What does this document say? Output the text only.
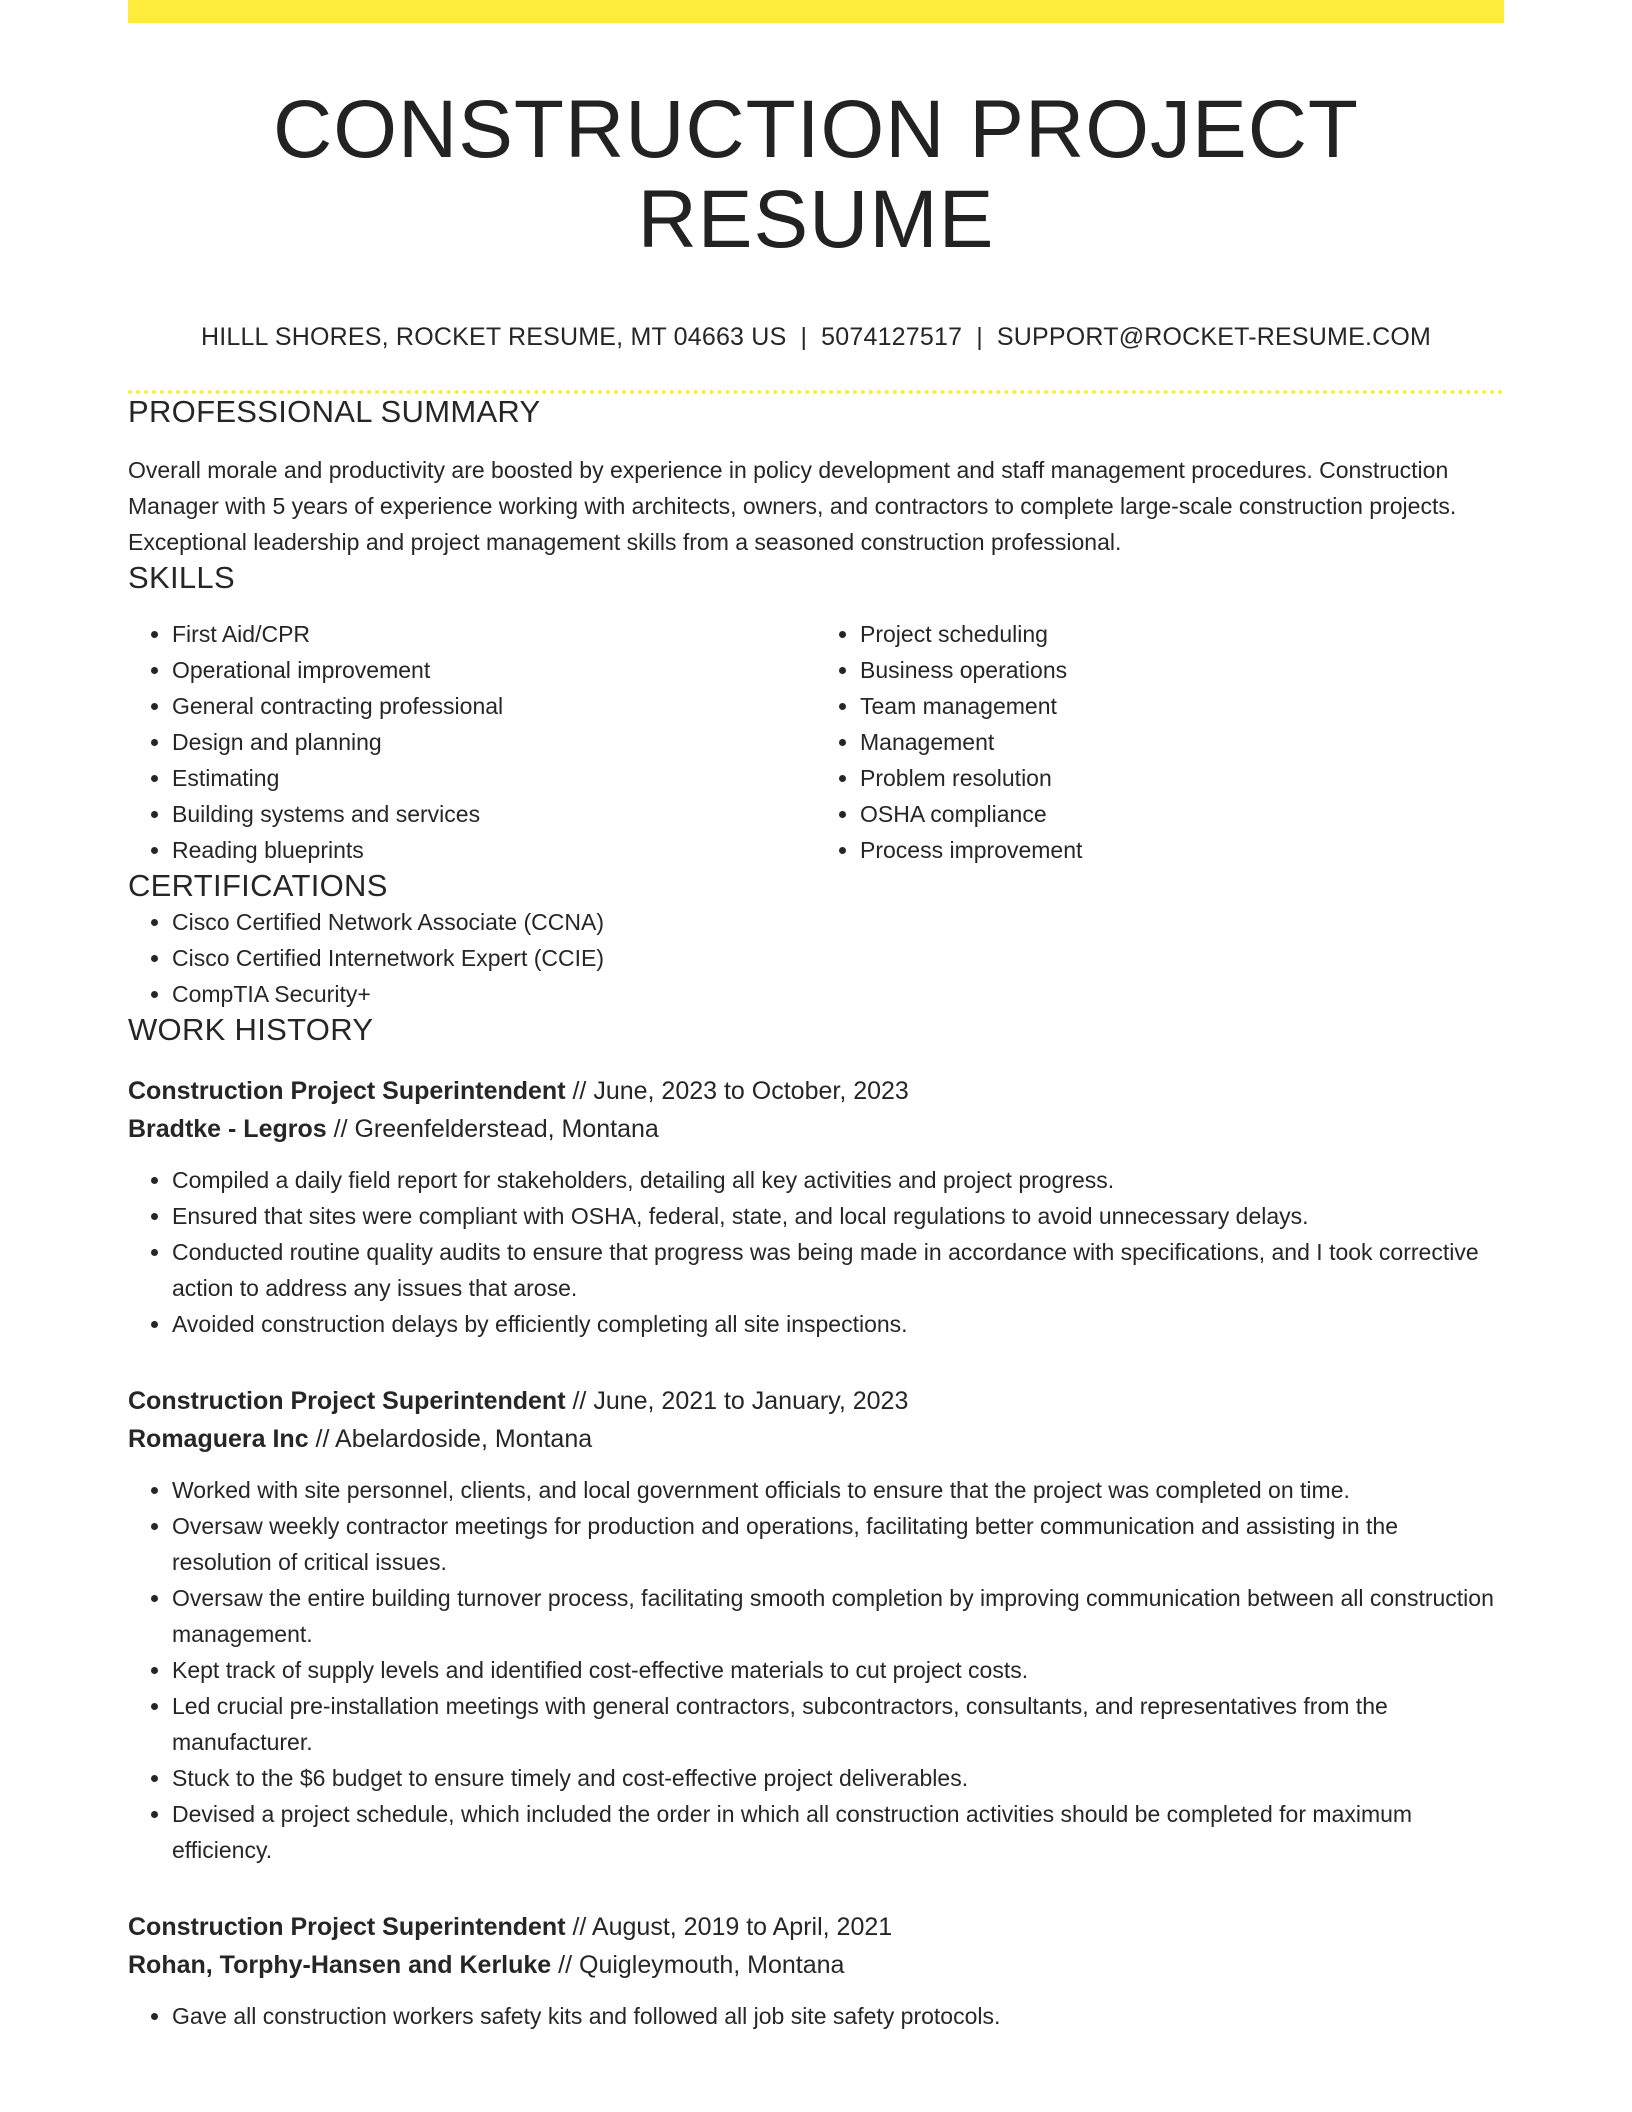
CONSTRUCTION PROJECT RESUME
HILLL SHORES, ROCKET RESUME, MT 04663 US | 5074127517 | SUPPORT@ROCKET-RESUME.COM
PROFESSIONAL SUMMARY

Overall morale and productivity are boosted by experience in policy development and staff management procedures. Construction Manager with 5 years of experience working with architects, owners, and contractors to complete large-scale construction projects. Exceptional leadership and project management skills from a seasoned construction professional.

SKILLS
• First Aid/CPR
• Operational improvement
• General contracting professional
• Design and planning
• Estimating
• Building systems and services
• Reading blueprints
• Project scheduling
• Business operations
• Team management
• Management
• Problem resolution
• OSHA compliance
• Process improvement
CERTIFICATIONS
• Cisco Certified Network Associate (CCNA)
• Cisco Certified Internetwork Expert (CCIE)
• CompTIA Security+
WORK HISTORY
Construction Project Superintendent // June, 2023 to October, 2023
Bradtke - Legros // Greenfelderstead, Montana
• Compiled a daily field report for stakeholders, detailing all key activities and project progress.
• Ensured that sites were compliant with OSHA, federal, state, and local regulations to avoid unnecessary delays.
• Conducted routine quality audits to ensure that progress was being made in accordance with specifications, and I took corrective action to address any issues that arose.
• Avoided construction delays by efficiently completing all site inspections.
Construction Project Superintendent // June, 2021 to January, 2023
Romaguera Inc // Abelardoside, Montana
• Worked with site personnel, clients, and local government officials to ensure that the project was completed on time.
• Oversaw weekly contractor meetings for production and operations, facilitating better communication and assisting in the resolution of critical issues.
• Oversaw the entire building turnover process, facilitating smooth completion by improving communication between all construction management.
• Kept track of supply levels and identified cost-effective materials to cut project costs.
• Led crucial pre-installation meetings with general contractors, subcontractors, consultants, and representatives from the manufacturer.
• Stuck to the $6 budget to ensure timely and cost-effective project deliverables.
• Devised a project schedule, which included the order in which all construction activities should be completed for maximum efficiency.
Construction Project Superintendent // August, 2019 to April, 2021
Rohan, Torphy-Hansen and Kerluke // Quigleymouth, Montana
• Gave all construction workers safety kits and followed all job site safety protocols.
